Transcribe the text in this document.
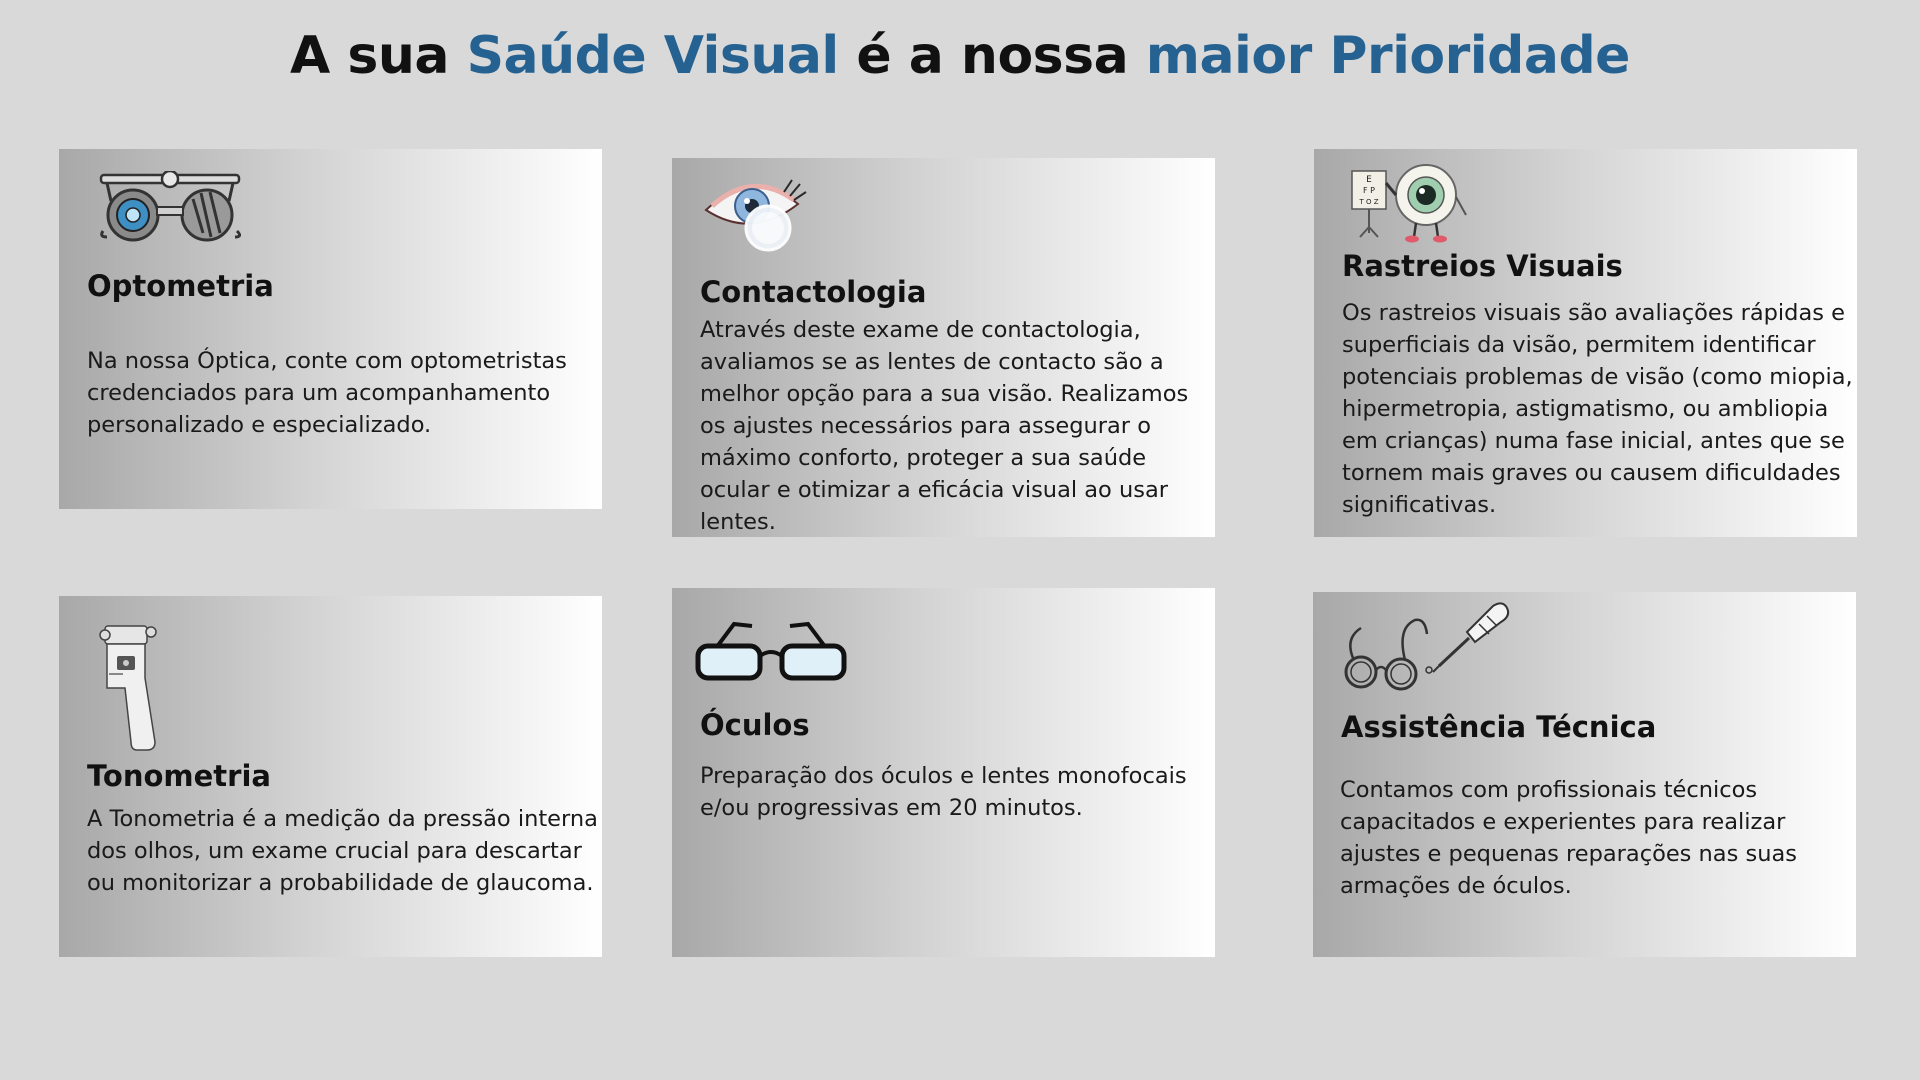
A sua Saúde Visual é a nossa maior Prioridade
Optometria
Na nossa Óptica, conte com optometristas credenciados para um acompanhamento personalizado e especializado.
Contactologia
Através deste exame de contactologia, avaliamos se as lentes de contacto são a melhor opção para a sua visão. Realizamos os ajustes necessários para assegurar o máximo conforto, proteger a sua saúde ocular e otimizar a eficácia visual ao usar lentes.
E
F P
T O Z
Rastreios Visuais
Os rastreios visuais são avaliações rápidas e superficiais da visão, permitem identificar potenciais problemas de visão (como miopia, hipermetropia, astigmatismo, ou ambliopia em crianças) numa fase inicial, antes que se tornem mais graves ou causem dificuldades significativas.
Tonometria
A Tonometria é a medição da pressão interna dos olhos, um exame crucial para descartar ou monitorizar a probabilidade de glaucoma.
Óculos
Preparação dos óculos e lentes monofocais e/ou progressivas em 20 minutos.
Assistência Técnica
Contamos com profissionais técnicos capacitados e experientes para realizar ajustes e pequenas reparações nas suas armações de óculos.
